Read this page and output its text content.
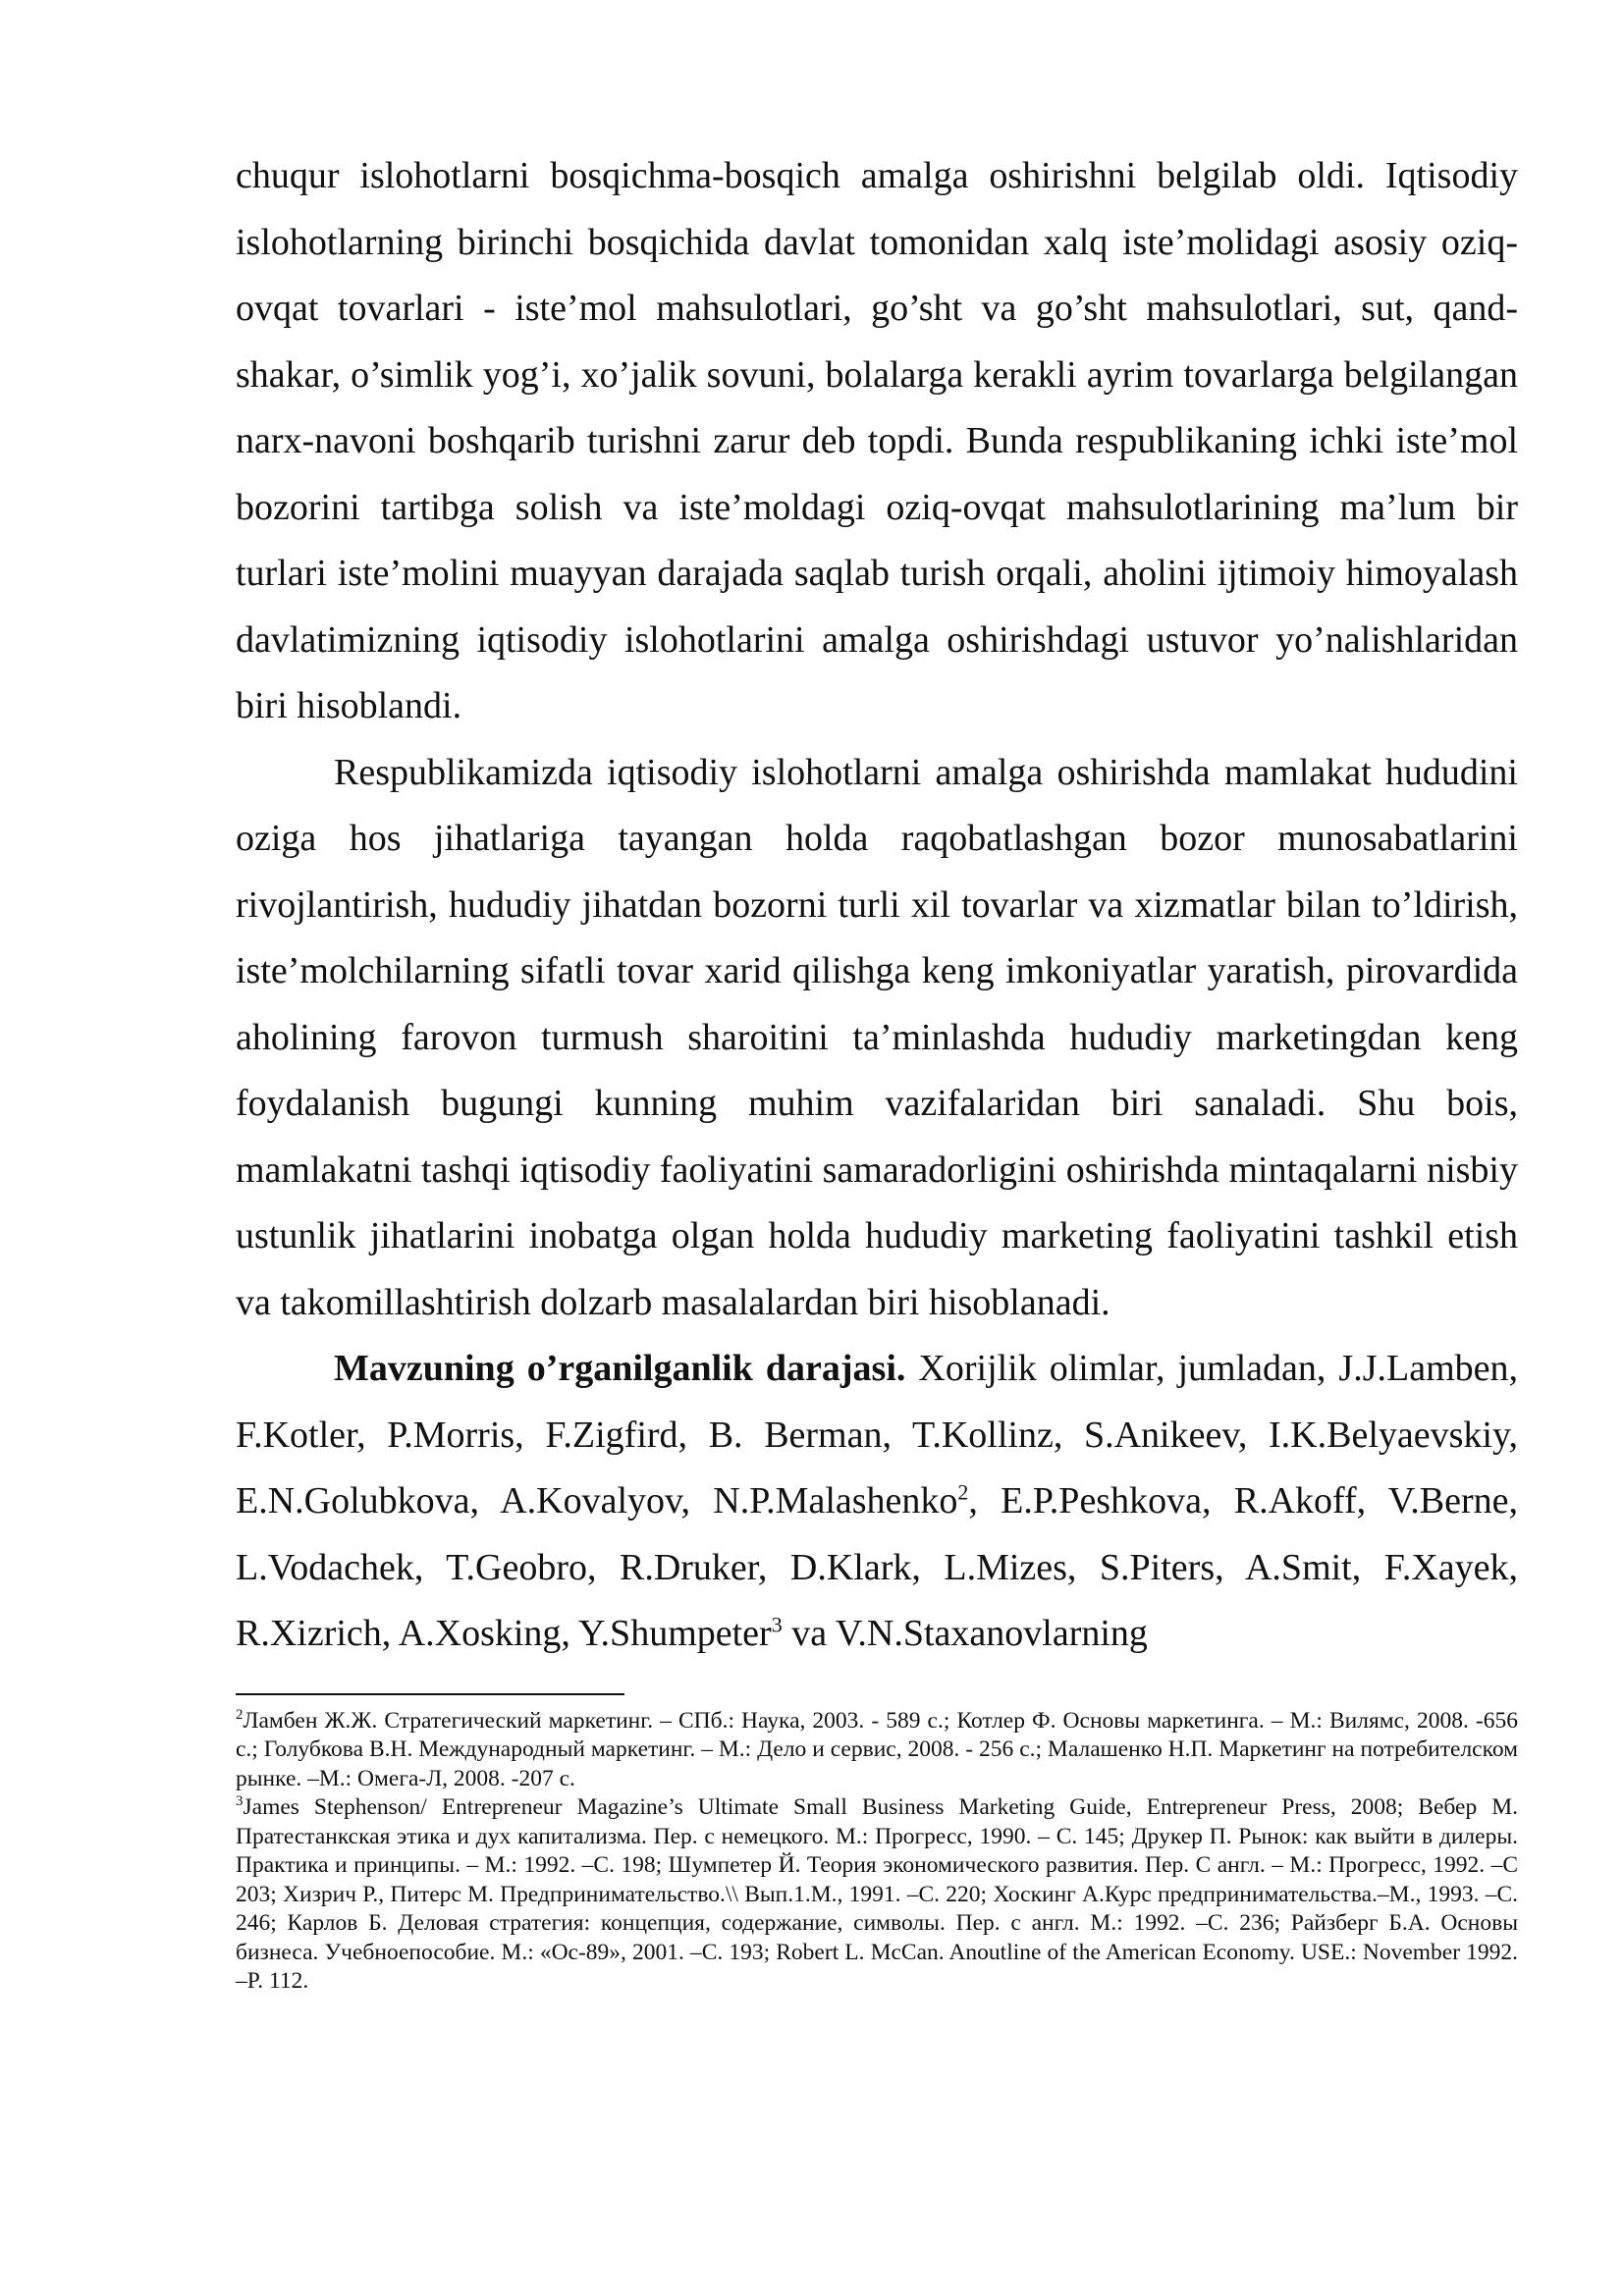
chuqur islohotlarni bosqichma-bosqich amalga oshirishni belgilab oldi. Iqtisodiy islohotlarning birinchi bosqichida davlat tomonidan xalq iste’molidagi asosiy oziq-ovqat tovarlari - iste’mol mahsulotlari, go’sht va go’sht mahsulotlari, sut, qand-shakar, o’simlik yog’i, xo’jalik sovuni, bolalarga kerakli ayrim tovarlarga belgilangan narx-navoni boshqarib turishni zarur deb topdi. Bunda respublikaning ichki iste’mol bozorini tartibga solish va iste’moldagi oziq-ovqat mahsulotlarining ma’lum bir turlari iste’molini muayyan darajada saqlab turish orqali, aholini ijtimoiy himoyalash davlatimizning iqtisodiy islohotlarini amalga oshirishdagi ustuvor yo’nalishlaridan biri hisoblandi.

Respublikamizda iqtisodiy islohotlarni amalga oshirishda mamlakat hududini oziga hos jihatlariga tayangan holda raqobatlashgan bozor munosabatlarini rivojlantirish, hududiy jihatdan bozorni turli xil tovarlar va xizmatlar bilan to’ldirish, iste’molchilarning sifatli tovar xarid qilishga keng imkoniyatlar yaratish, pirovardida aholining farovon turmush sharoitini ta’minlashda hududiy marketingdan keng foydalanish bugungi kunning muhim vazifalaridan biri sanaladi. Shu bois, mamlakatni tashqi iqtisodiy faoliyatini samaradorligini oshirishda mintaqalarni nisbiy ustunlik jihatlarini inobatga olgan holda hududiy marketing faoliyatini tashkil etish va takomillashtirish dolzarb masalalardan biri hisoblanadi.

Mavzuning o’rganilganlik darajasi. Xorijlik olimlar, jumladan, J.J.Lamben, F.Kotler, P.Morris, F.Zigfird, B. Berman, T.Kollinz, S.Anikeev, I.K.Belyaevskiy, E.N.Golubkova, A.Kovalyov, N.P.Malashenko$^2$, E.P.Peshkova, R.Akoff, V.Berne, L.Vodachek, T.Geobro, R.Druker, D.Klark, L.Mizes, S.Piters, A.Smit, F.Xayek, R.Xizrich, A.Xosking, Y.Shumpeter$^3$ va V.N.Staxanovlarning

$^2$Ламбен Ж.Ж. Стратегический маркетинг. – СПб.: Наука, 2003. - 589 с.; Котлер Ф. Основы маркетинга. – М.: Вилямс, 2008. -656 с.; Голубкова В.Н. Международный маркетинг. – М.: Дело и сервис, 2008. - 256 с.; Малашенко Н.П. Маркетинг на потребителском рынке. –М.: Омега-Л, 2008. -207 с.

$^3$James Stephenson/ Entrepreneur Magazine’s Ultimate Small Business Marketing Guide, Entrepreneur Press, 2008; Вебер М. Пратестанкская этика и дух капитализма. Пер. с немецкого. М.: Прогресс, 1990. – С. 145; Друкер П. Рынок: как выйти в дилеры. Практика и принципы. – М.: 1992. –С. 198; Шумпетер Й. Теория экономического развития. Пер. С англ. – М.: Прогресс, 1992. –С 203; Хизрич Р., Питерс М. Предпринимательство.\\ Вып.1.М., 1991. –С. 220; Хоскинг А.Курс предпринимательства.–М., 1993. –С. 246; Карлов Б. Деловая стратегия: концепция, содержание, символы. Пер. с англ. М.: 1992. –С. 236; Райзберг Б.А. Основы бизнеса. Учебноепособие. М.: «Ос-89», 2001. –С. 193; Robert L. McCan. Anoutline of the American Economy. USE.: November 1992. –P. 112.
